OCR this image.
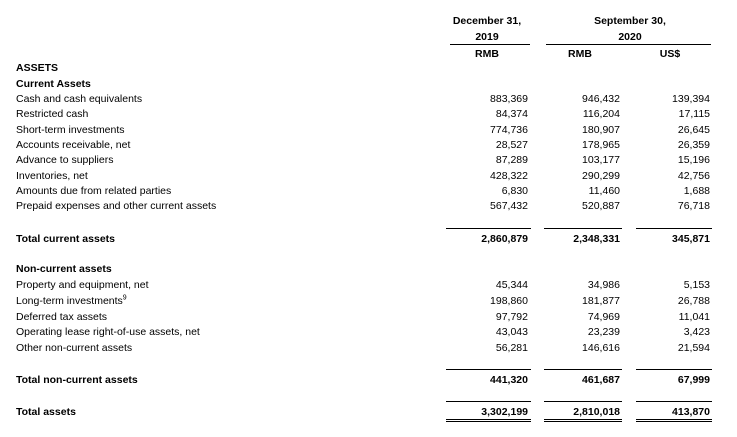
December 31,
2019
RMB
September 30,
2020
RMB	US$
ASSETS
Current Assets
Cash and cash equivalents	883,369	946,432	139,394
Restricted cash	84,374	116,204	17,115
Short-term investments	774,736	180,907	26,645
Accounts receivable, net	28,527	178,965	26,359
Advance to suppliers	87,289	103,177	15,196
Inventories, net	428,322	290,299	42,756
Amounts due from related parties	6,830	11,460	1,688
Prepaid expenses and other current assets	567,432	520,887	76,718
Total current assets	2,860,879	2,348,331	345,871
Non-current assets
Property and equipment, net	45,344	34,986	5,153
Long-term investments$^9$	198,860	181,877	26,788
Deferred tax assets	97,792	74,969	11,041
Operating lease right-of-use assets, net	43,043	23,239	3,423
Other non-current assets	56,281	146,616	21,594
Total non-current assets	441,320	461,687	67,999
Total assets	3,302,199	2,810,018	413,870
